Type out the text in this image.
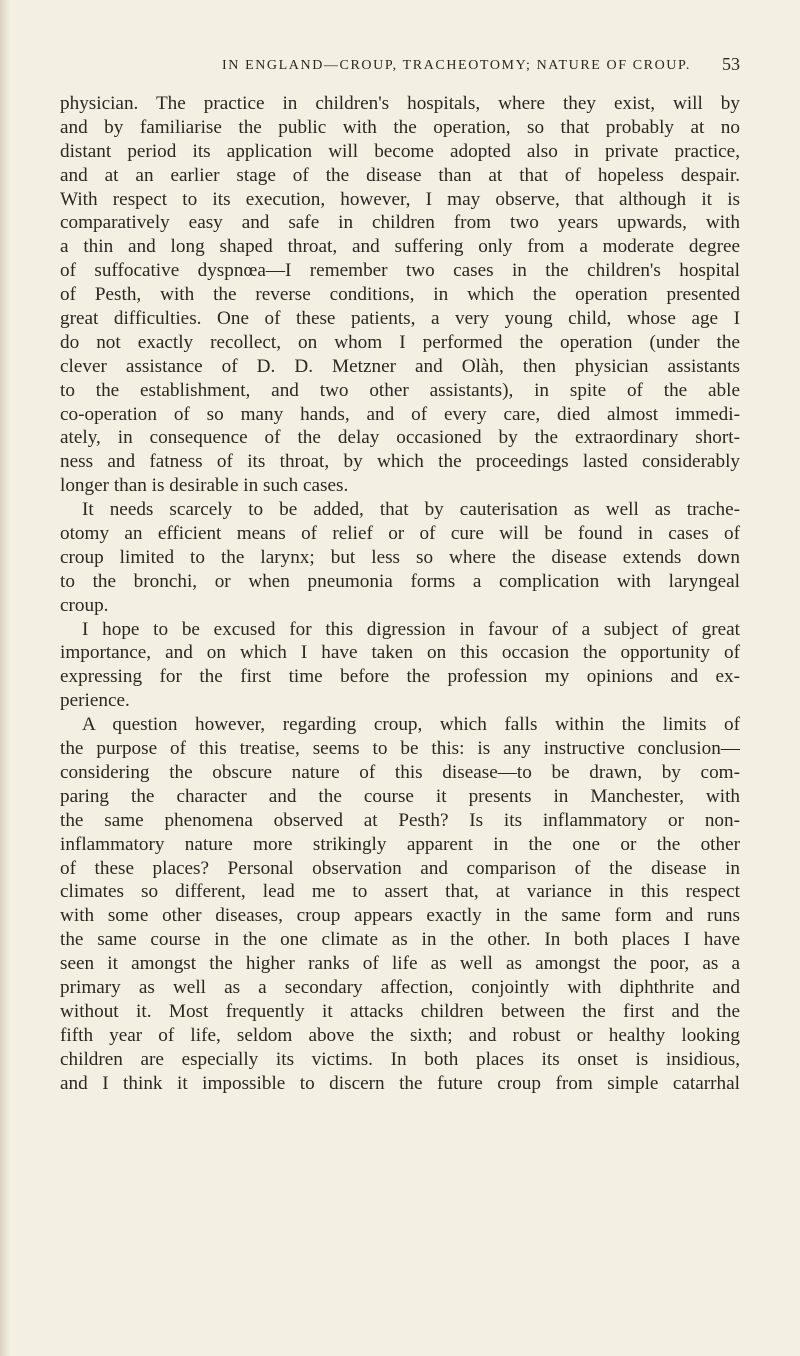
IN ENGLAND—CROUP, TRACHEOTOMY; NATURE OF CROUP. 53
physician. The practice in children's hospitals, where they exist, will by
and by familiarise the public with the operation, so that probably at no
distant period its application will become adopted also in private practice,
and at an earlier stage of the disease than at that of hopeless despair.
With respect to its execution, however, I may observe, that although it is
comparatively easy and safe in children from two years upwards, with
a thin and long shaped throat, and suffering only from a moderate degree
of suffocative dyspnœa—I remember two cases in the children's hospital
of Pesth, with the reverse conditions, in which the operation presented
great difficulties. One of these patients, a very young child, whose age I
do not exactly recollect, on whom I performed the operation (under the
clever assistance of D. D. Metzner and Olàh, then physician assistants
to the establishment, and two other assistants), in spite of the able
co-operation of so many hands, and of every care, died almost immedi-
ately, in consequence of the delay occasioned by the extraordinary short-
ness and fatness of its throat, by which the proceedings lasted considerably
longer than is desirable in such cases.
It needs scarcely to be added, that by cauterisation as well as trache-
otomy an efficient means of relief or of cure will be found in cases of
croup limited to the larynx; but less so where the disease extends down
to the bronchi, or when pneumonia forms a complication with laryngeal
croup.
I hope to be excused for this digression in favour of a subject of great
importance, and on which I have taken on this occasion the opportunity of
expressing for the first time before the profession my opinions and ex-
perience.
A question however, regarding croup, which falls within the limits of
the purpose of this treatise, seems to be this: is any instructive conclusion—
considering the obscure nature of this disease—to be drawn, by com-
paring the character and the course it presents in Manchester, with
the same phenomena observed at Pesth? Is its inflammatory or non-
inflammatory nature more strikingly apparent in the one or the other
of these places? Personal observation and comparison of the disease in
climates so different, lead me to assert that, at variance in this respect
with some other diseases, croup appears exactly in the same form and runs
the same course in the one climate as in the other. In both places I have
seen it amongst the higher ranks of life as well as amongst the poor, as a
primary as well as a secondary affection, conjointly with diphthrite and
without it. Most frequently it attacks children between the first and the
fifth year of life, seldom above the sixth; and robust or healthy looking
children are especially its victims. In both places its onset is insidious,
and I think it impossible to discern the future croup from simple catarrhal
